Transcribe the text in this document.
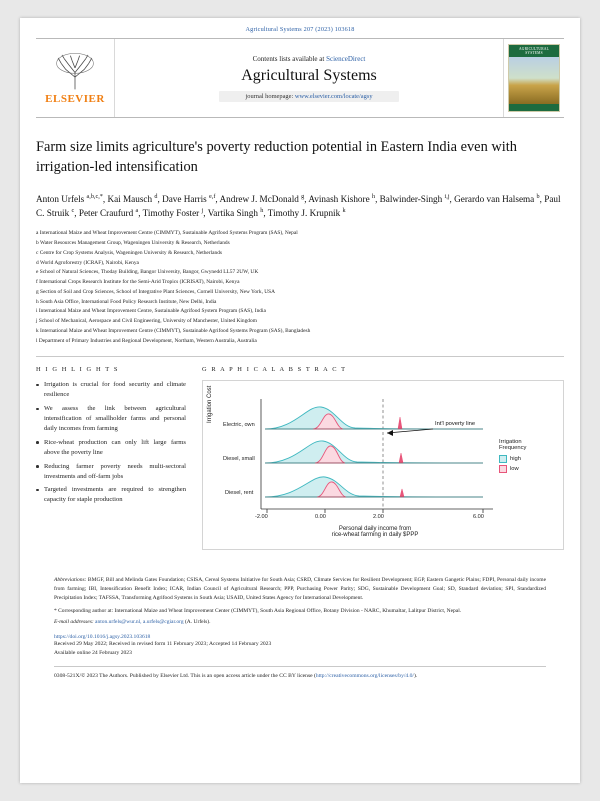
Agricultural Systems 207 (2023) 103618
ELSEVIER
Contents lists available at ScienceDirect
Agricultural Systems
journal homepage: www.elsevier.com/locate/agsy
AGRICULTURAL SYSTEMS
Farm size limits agriculture's poverty reduction potential in Eastern India even with irrigation-led intensification
Anton Urfels $^{a,b,c,*}$, Kai Mausch $^d$, Dave Harris $^{e,f}$, Andrew J. McDonald $^g$, Avinash Kishore $^h$, Balwinder-Singh $^{i,j}$, Gerardo van Halsema $^b$, Paul C. Struik $^c$, Peter Craufurd $^a$, Timothy Foster $^j$, Vartika Singh $^h$, Timothy J. Krupnik $^k$
a International Maize and Wheat Improvement Centre (CIMMYT), Sustainable Agrifood Systems Program (SAS), Nepal
b Water Resources Management Group, Wageningen University & Research, Netherlands
c Centre for Crop Systems Analysis, Wageningen University & Research, Netherlands
d World Agroforestry (ICRAF), Nairobi, Kenya
e School of Natural Sciences, Thoday Building, Bangor University, Bangor, Gwynedd LL57 2UW, UK
f International Crops Research Institute for the Semi-Arid Tropics (ICRISAT), Nairobi, Kenya
g Section of Soil and Crop Sciences, School of Integrative Plant Sciences, Cornell University, New York, USA
h South Asia Office, International Food Policy Research Institute, New Delhi, India
i International Maize and Wheat Improvement Centre, Sustainable Agrifood System Program (SAS), India
j School of Mechanical, Aerospace and Civil Engineering, University of Manchester, United Kingdom
k International Maize and Wheat Improvement Centre (CIMMYT), Sustainable Agrifood Systems Program (SAS), Bangladesh
l Department of Primary Industries and Regional Development, Northam, Western Australia, Australia
H I G H L I G H T S
Irrigation is crucial for food security and climate resilience
We assess the link between agricultural intensification of smallholder farms and personal daily incomes from farming
Rice-wheat production can only lift large farms above the poverty line
Reducing farmer poverty needs multi-sectoral investments and off-farm jobs
Targeted investments are required to strengthen capacity for staple production
G R A P H I C A L A B S T R A C T
Irrigation Cost
Electric, own
Diesel, small
Diesel, rent
-2.00	0.00	2.00	6.00
Personal daily income from
rice-wheat farming in daily $PPP
Int'l poverty line
Irrigation
Frequency
high
low
Abbreviations: BMGF, Bill and Melinda Gates Foundation; CSISA, Cereal Systems Initiative for South Asia; CSRD, Climate Services for Resilient Development; EGP, Eastern Gangetic Plains; FDPI, Personal daily income from farming; IBI, Intensification Benefit Index; ICAR, Indian Council of Agricultural Research; PPP, Purchasing Power Parity; SDG, Sustainable Development Goal; SD, Standard deviation; SPI, Standardized Precipitation Index; TAFSSA, Transforming Agrifood Systems in South Asia; USAID, United States Agency for International Development.
* Corresponding author at: International Maize and Wheat Improvement Center (CIMMYT), South Asia Regional Office, Botany Division - NARC, Khumaltar, Lalitpur District, Nepal.
E-mail addresses: anton.urfels@wur.nl, a.urfels@cgiar.org (A. Urfels).
https://doi.org/10.1016/j.agsy.2023.103618
Received 29 May 2022; Received in revised form 11 February 2023; Accepted 14 February 2023
Available online 24 February 2023
0308-521X/© 2023 The Authors. Published by Elsevier Ltd. This is an open access article under the CC BY license (http://creativecommons.org/licenses/by/4.0/).
